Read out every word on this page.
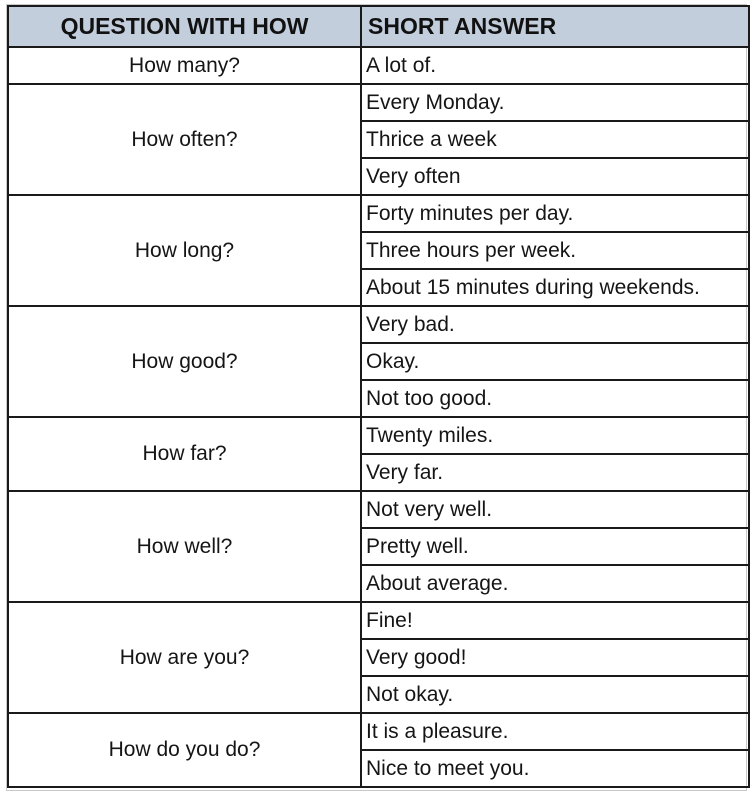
QUESTION WITH HOW	SHORT ANSWER
How many?	A lot of.
How often?	Every Monday.
	Thrice a week
	Very often
How long?	Forty minutes per day.
	Three hours per week.
	About 15 minutes during weekends.
How good?	Very bad.
	Okay.
	Not too good.
How far?	Twenty miles.
	Very far.
How well?	Not very well.
	Pretty well.
	About average.
How are you?	Fine!
	Very good!
	Not okay.
How do you do?	It is a pleasure.
	Nice to meet you.
